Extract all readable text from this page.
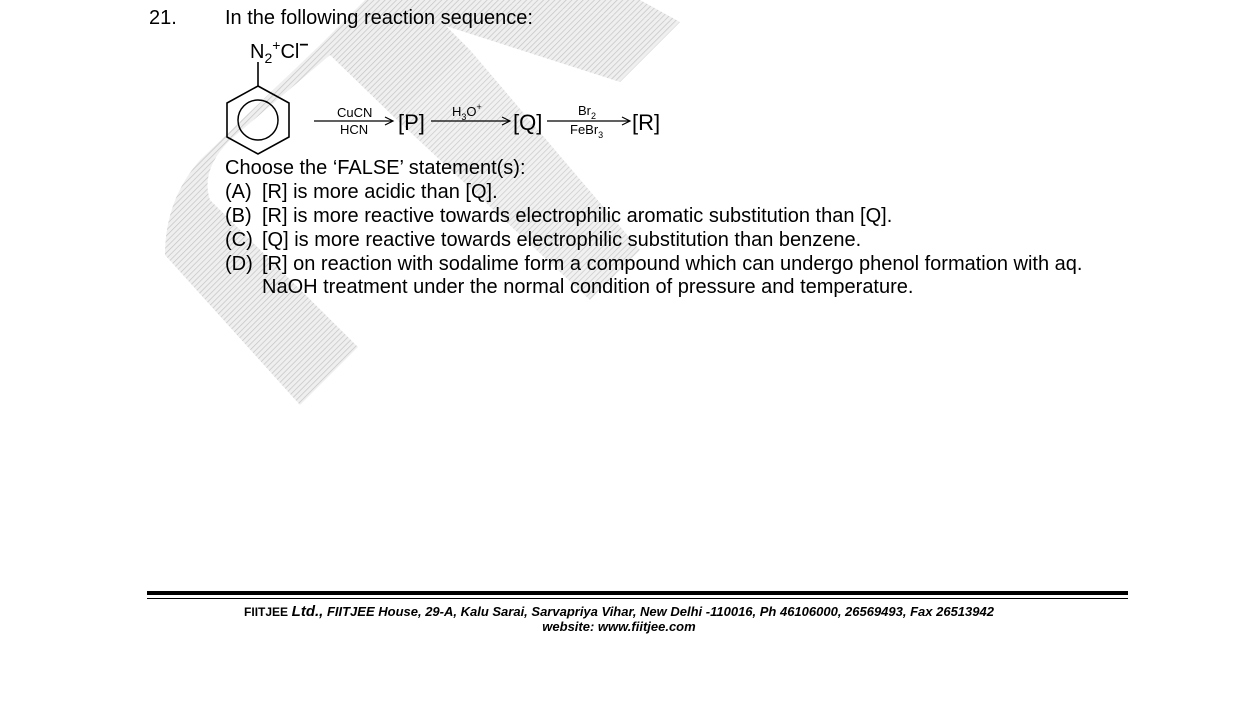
21. In the following reaction sequence:
$N_2^+Cl^-$
CuCN
HCN [P] $H_3O^+$
[Q]	$Br_2$
FeBr$_3$ [R]
Choose the ‘FALSE’ statement(s):
(A) [R] is more acidic than [Q].
(B) [R] is more reactive towards electrophilic aromatic substitution than [Q].
(C) [Q] is more reactive towards electrophilic substitution than benzene.
(D) [R] on reaction with sodalime form a compound which can undergo phenol formation with aq.
NaOH treatment under the normal condition of pressure and temperature.
FIITJEE Ltd., FIITJEE House, 29-A, Kalu Sarai, Sarvapriya Vihar, New Delhi -110016, Ph 46106000, 26569493, Fax 26513942
website: www.fiitjee.com
